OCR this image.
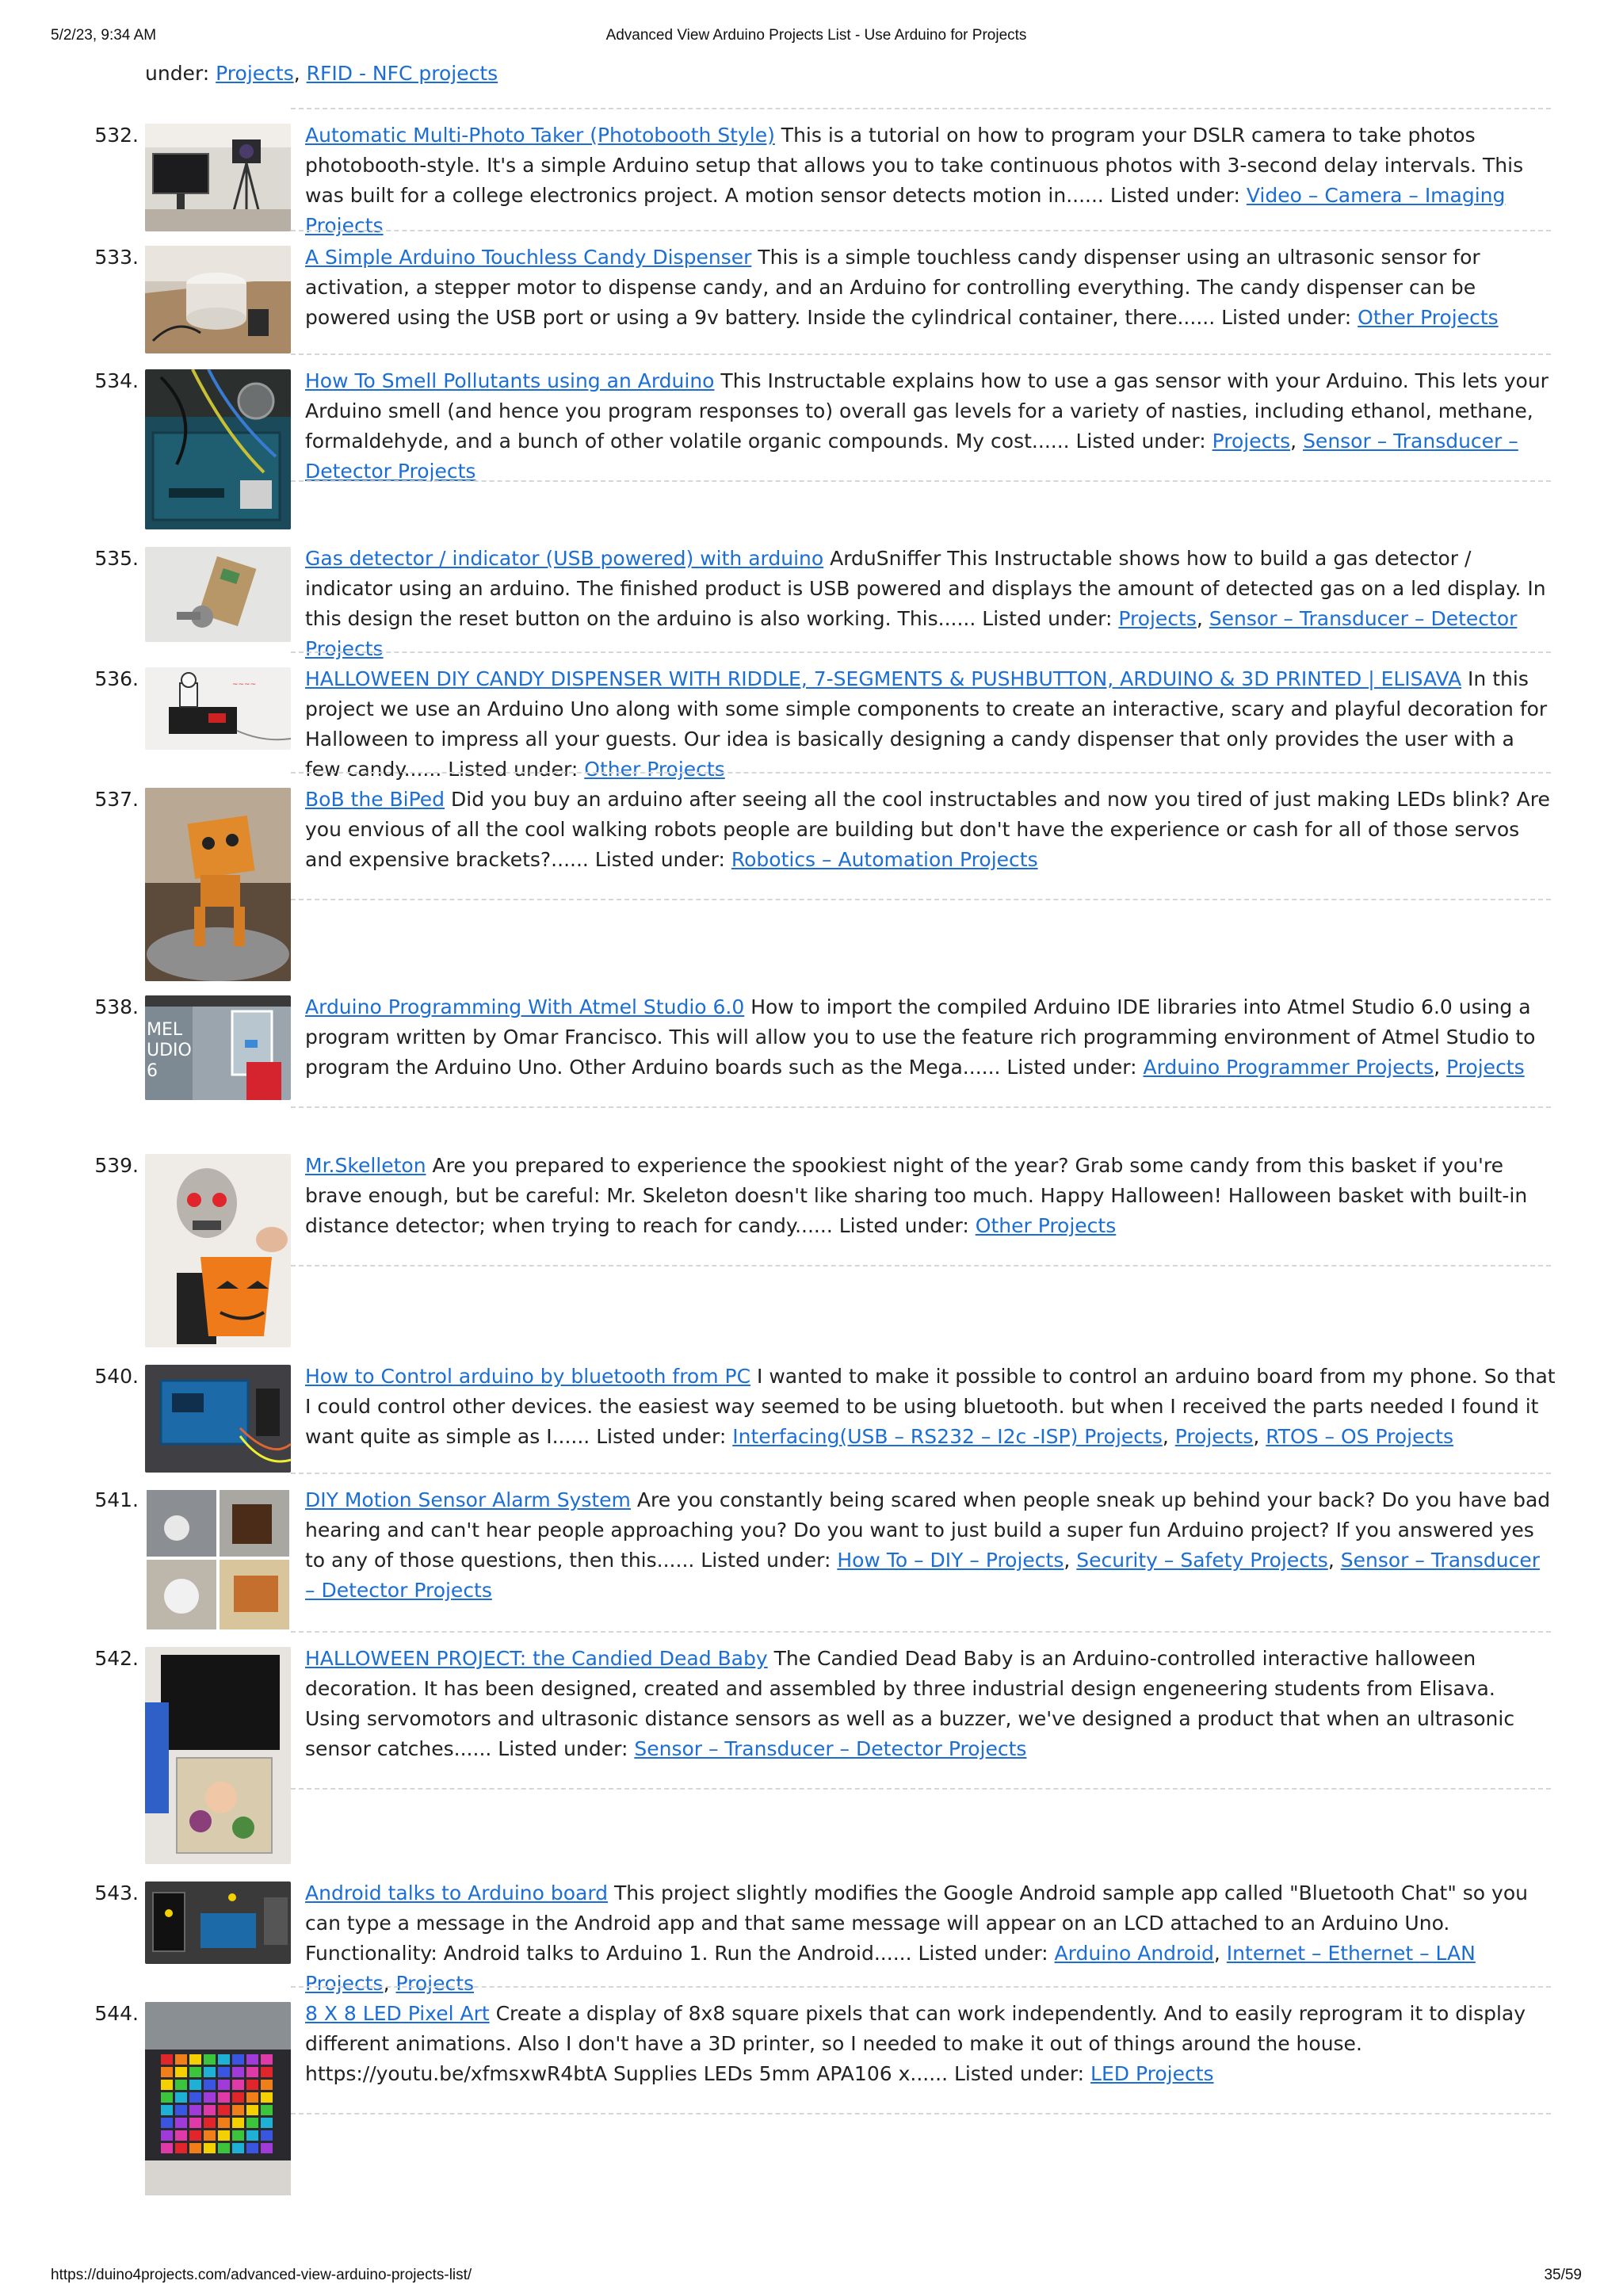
5/2/23, 9:34 AM	Advanced View Arduino Projects List - Use Arduino for Projects
under: Projects, RFID - NFC projects
532.	Automatic Multi-Photo Taker (Photobooth Style) This is a tutorial on how to program your DSLR camera to take photos photobooth-style. It's a simple Arduino setup that allows you to take continuous photos with 3-second delay intervals. This was built for a college electronics project. A motion sensor detects motion in...... Listed under: Video – Camera – Imaging Projects
533.	A Simple Arduino Touchless Candy Dispenser This is a simple touchless candy dispenser using an ultrasonic sensor for activation, a stepper motor to dispense candy, and an Arduino for controlling everything. The candy dispenser can be powered using the USB port or using a 9v battery. Inside the cylindrical container, there...... Listed under: Other Projects
534.	How To Smell Pollutants using an Arduino This Instructable explains how to use a gas sensor with your Arduino. This lets your Arduino smell (and hence you program responses to) overall gas levels for a variety of nasties, including ethanol, methane, formaldehyde, and a bunch of other volatile organic compounds. My cost...... Listed under: Projects, Sensor – Transducer – Detector Projects
535.	Gas detector / indicator (USB powered) with arduino ArduSniffer This Instructable shows how to build a gas detector / indicator using an arduino. The finished product is USB powered and displays the amount of detected gas on a led display. In this design the reset button on the arduino is also working. This...... Listed under: Projects, Sensor – Transducer – Detector Projects
536.	~~~~ HALLOWEEN DIY CANDY DISPENSER WITH RIDDLE, 7-SEGMENTS & PUSHBUTTON, ARDUINO & 3D PRINTED | ELISAVA In this project we use an Arduino Uno along with some simple components to create an interactive, scary and playful decoration for Halloween to impress all your guests. Our idea is basically designing a candy dispenser that only provides the user with a few candy...... Listed under: Other Projects
537.	BoB the BiPed Did you buy an arduino after seeing all the cool instructables and now you tired of just making LEDs blink? Are you envious of all the cool walking robots people are building but don't have the experience or cash for all of those servos and expensive brackets?...... Listed under: Robotics – Automation Projects
538.
MEL UDIO 6
Arduino Programming With Atmel Studio 6.0 How to import the compiled Arduino IDE libraries into Atmel Studio 6.0 using a program written by Omar Francisco. This will allow you to use the feature rich programming environment of Atmel Studio to program the Arduino Uno. Other Arduino boards such as the Mega...... Listed under: Arduino Programmer Projects, Projects
539.	Mr.Skelleton Are you prepared to experience the spookiest night of the year? Grab some candy from this basket if you're brave enough, but be careful: Mr. Skeleton doesn't like sharing too much. Happy Halloween! Halloween basket with built-in distance detector; when trying to reach for candy...... Listed under: Other Projects
540.	How to Control arduino by bluetooth from PC I wanted to make it possible to control an arduino board from my phone. So that I could control other devices. the easiest way seemed to be using bluetooth. but when I received the parts needed I found it want quite as simple as I...... Listed under: Interfacing(USB – RS232 – I2c -ISP) Projects, Projects, RTOS – OS Projects
541.	DIY Motion Sensor Alarm System Are you constantly being scared when people sneak up behind your back? Do you have bad hearing and can't hear people approaching you? Do you want to just build a super fun Arduino project? If you answered yes to any of those questions, then this...... Listed under: How To – DIY – Projects, Security – Safety Projects, Sensor – Transducer – Detector Projects
542.	HALLOWEEN PROJECT: the Candied Dead Baby The Candied Dead Baby is an Arduino-controlled interactive halloween decoration. It has been designed, created and assembled by three industrial design engeneering students from Elisava. Using servomotors and ultrasonic distance sensors as well as a buzzer, we've designed a product that when an ultrasonic sensor catches...... Listed under: Sensor – Transducer – Detector Projects
543.	Android talks to Arduino board This project slightly modifies the Google Android sample app called "Bluetooth Chat" so you can type a message in the Android app and that same message will appear on an LCD attached to an Arduino Uno. Functionality: Android talks to Arduino 1. Run the Android...... Listed under: Arduino Android, Internet – Ethernet – LAN Projects, Projects
544.	8 X 8 LED Pixel Art Create a display of 8x8 square pixels that can work independently. And to easily reprogram it to display different animations. Also I don't have a 3D printer, so I needed to make it out of things around the house. https://youtu.be/xfmsxwR4btA Supplies LEDs 5mm APA106 x...... Listed under: LED Projects
https://duino4projects.com/advanced-view-arduino-projects-list/	35/59
